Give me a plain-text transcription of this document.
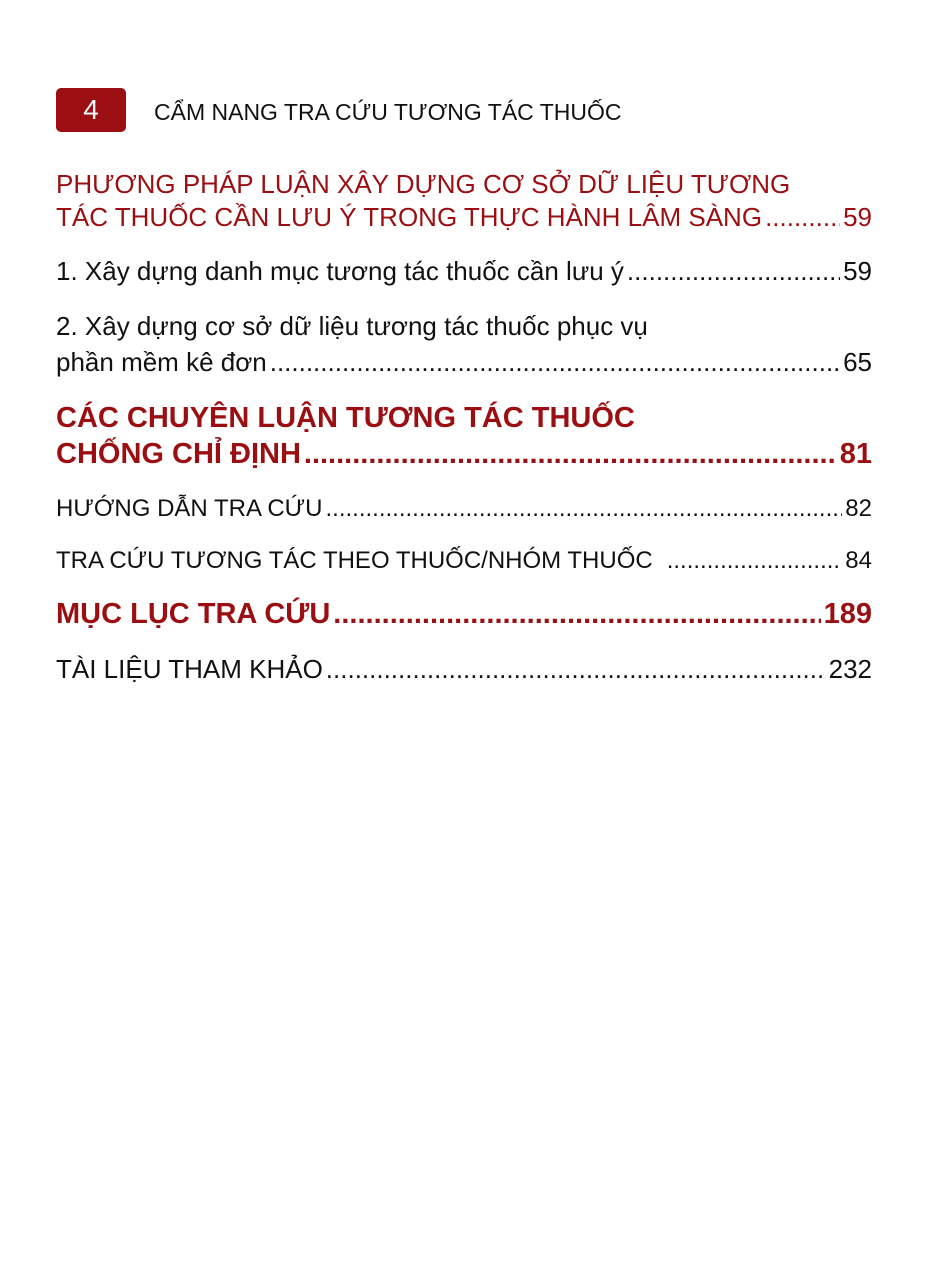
4	CẨM NANG TRA CỨU TƯƠNG TÁC THUỐC
PHƯƠNG PHÁP LUẬN XÂY DỰNG CƠ SỞ DỮ LIỆU TƯƠNG
TÁC THUỐC CẦN LƯU Ý TRONG THỰC HÀNH LÂM SÀNG .....	59
1. Xây dựng danh mục tương tác thuốc cần lưu ý .....	59
2. Xây dựng cơ sở dữ liệu tương tác thuốc phục vụ
phần mềm kê đơn .....	65
CÁC CHUYÊN LUẬN TƯƠNG TÁC THUỐC
CHỐNG CHỈ ĐỊNH .....	81
HƯỚNG DẪN TRA CỨU .....	82
TRA CỨU TƯƠNG TÁC THEO THUỐC/NHÓM THUỐC .....	84
MỤC LỤC TRA CỨU .....	189
TÀI LIỆU THAM KHẢO .....	232
